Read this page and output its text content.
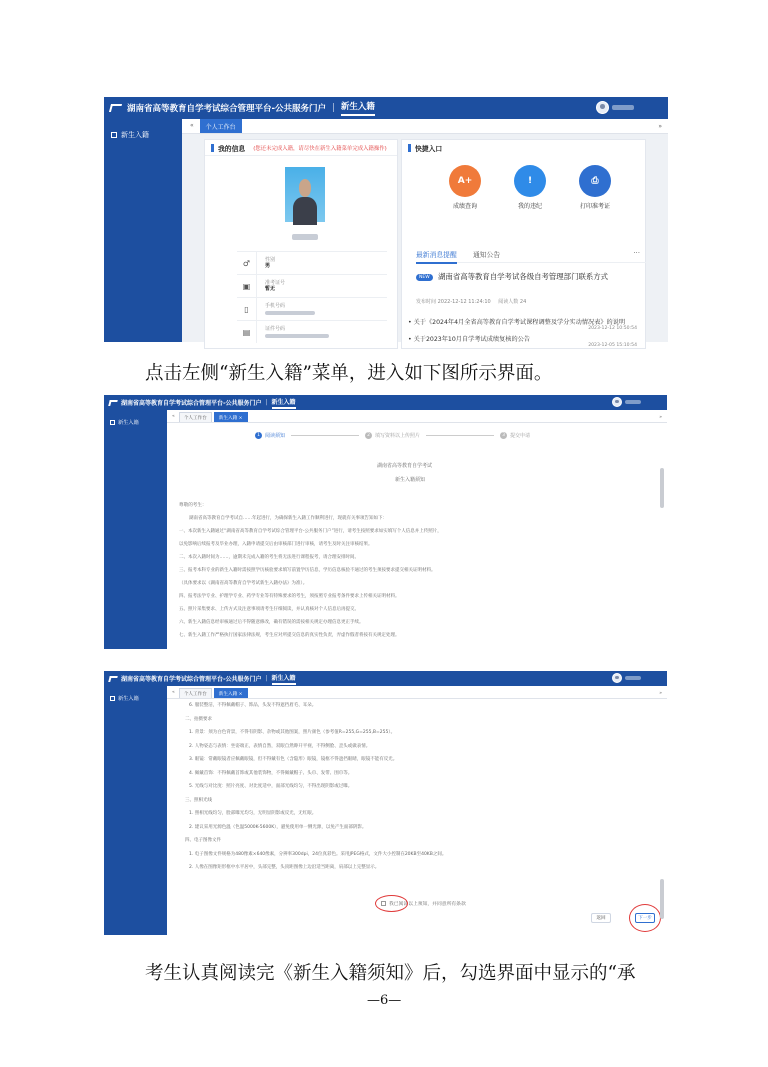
湖南省高等教育自学考试综合管理平台-公共服务门户 | 新生入籍
新生入籍
«	个人工作台	»
我的信息 (您还未完成入籍，请尽快在新生入籍菜单完成入籍操作)
♂	性别
男
▣	准考证号
暂无
▯	手机号码
▤	证件号码
快捷入口
A+
成绩查询
!
我的违纪
⎙
打印准考证
最新消息提醒 通知公告	…
NEW 湖南省高等教育自学考试各级自考管理部门联系方式
发布时间 2022-12-12 11:24:10 阅读人数 24
• 关于《2024年4月全省高等教育自学考试课程调整及学分实动情况表》的说明
2023-12-12 10:50:54
• 关于2023年10月自学考试成绩复核的公告
2023-12-05 15:10:54
点击左侧“新生入籍”菜单，进入如下图所示界面。
湖南省高等教育自学考试综合管理平台-公共服务门户 | 新生入籍
新生入籍
«	个人工作台	新生入籍 ×	»
1	阅读须知	2	填写资料以上传照片	3	提交申请
湖南省高等教育自学考试
新生入籍须知
尊敬的考生：
湖南省高等教育自学考试自……年起进行，为确保新生入籍工作顺利进行，现就有关事项告知如下：
一、本次新生入籍通过“湖南省高等教育自学考试综合管理平台-公共服务门户”进行，请考生按照要求如实填写个人信息并上传照片，
以免影响后续报考及毕业办理，入籍申请提交后由审核部门进行审核，请考生及时关注审核结果。
二、本次入籍时间为……，逾期未完成入籍的考生将无法进行课程报考，请合理安排时间。
三、报考本科专业的新生入籍时需按照学历核验要求填写前置学历信息，学历信息核验不通过的考生须按要求提交相关证明材料。
（具体要求以《湖南省高等教育自学考试新生入籍办法》为准）。
四、报考法学专业、护理学专业、药学专业等有特殊要求的考生，须按照专业报考条件要求上传相关证明材料。
五、照片采集要求、上传方式及注意事项请考生仔细阅读，并认真核对个人信息后再提交。
六、新生入籍信息经审核通过后不得随意修改，确有错误的需按相关规定办理信息更正手续。
七、新生入籍工作严格执行国家法律法规，考生应对所提交信息的真实性负责，弄虚作假者将按有关规定处理。
湖南省高等教育自学考试综合管理平台-公共服务门户 | 新生入籍
新生入籍
«	个人工作台	新生入籍 ×	»
6. 服装整洁，不得佩戴帽子、饰品，头发不得遮挡眉毛、耳朵。
二、拍摄要求
1. 背景：须为白色背景，不得有阴影、杂物或其他图案，照片颜色（参考值R=255,G=255,B=255）。
2. 人物姿态与表情：坐姿端正，表情自然，双眼自然睁开平视，不得侧脸、歪头或做表情。
3. 眼镜：常戴眼镜者应佩戴眼镜，但不得戴有色（含隐形）眼镜，镜框不得遮挡眼睛，眼镜不能有反光。
4. 佩戴首饰：不得佩戴首饰或其他装饰物，不得佩戴帽子、头巾、发带、围巾等。
5. 光线与对比度：照片亮度、对比度适中，面部光线均匀，不得出现阴影或过曝。
三、照相光线
1. 照相光线均匀，脸部曝光均匀，无明显阴影或反光，无红眼。
2. 建议采用光源色温（色温5000K-5600K），避免使用单一侧光源，以免产生面部阴影。
四、电子图像文件
1. 电子图像文件规格为480像素×640像素，分辨率300dpi，24位真彩色。采用JPEG格式，文件大小控制在20KB至40KB之间。
2. 人像在图像矩形框中水平居中，头部完整，头顶距图像上边沿适当距离，肩部以上完整显示。
我已阅读以上须知，并同意所有条款
返回	下一步
考生认真阅读完《新生入籍须知》后，勾选界面中显示的“承
—6—
